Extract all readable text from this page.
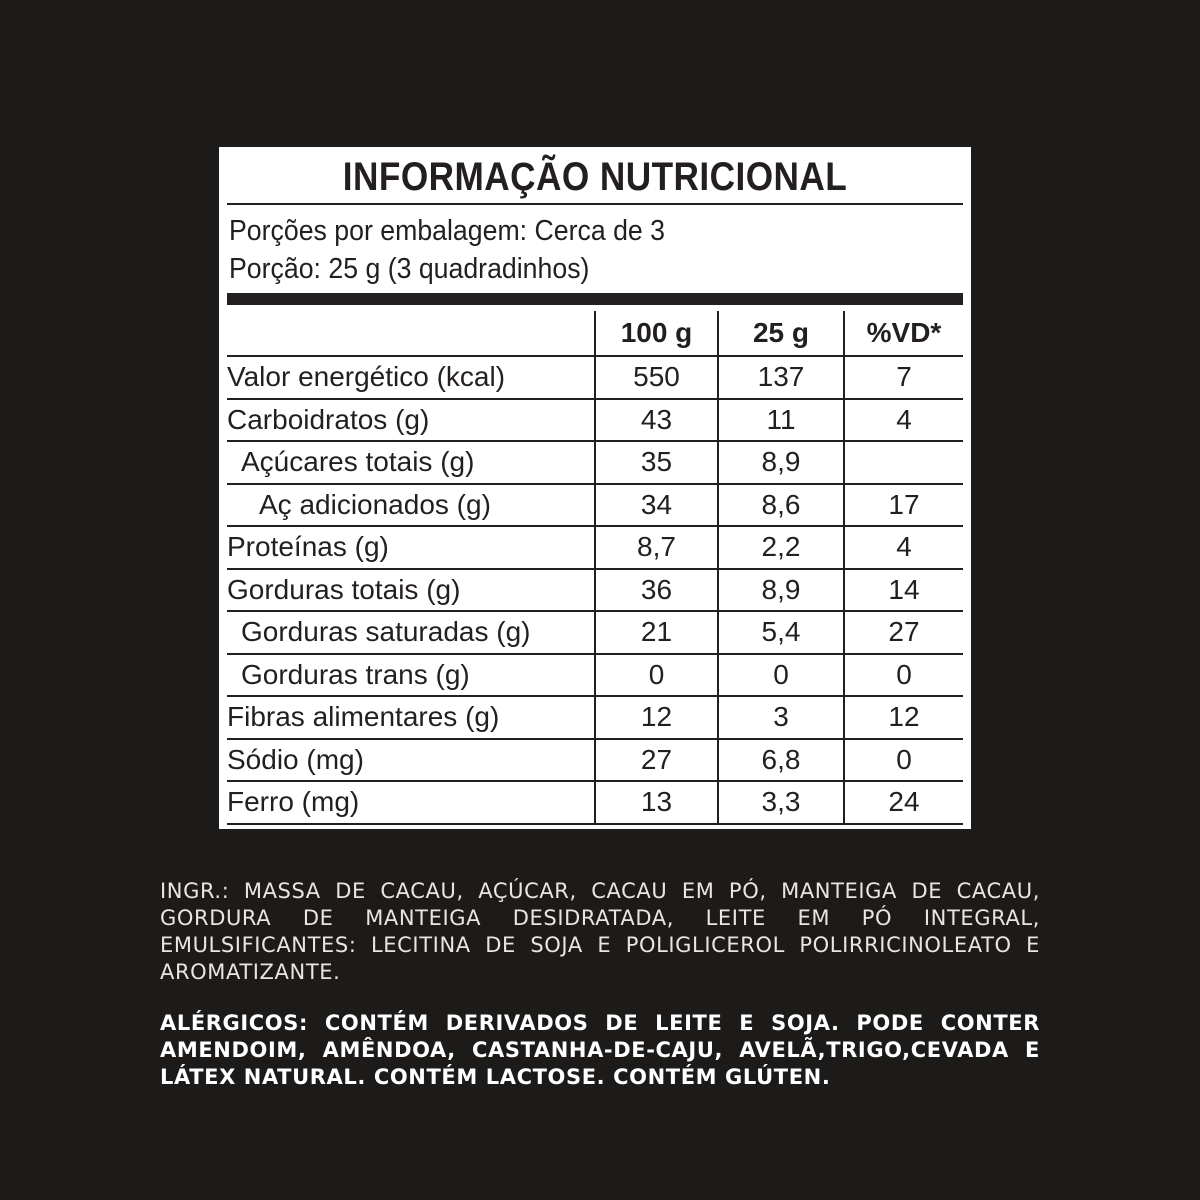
INFORMAÇÃO NUTRICIONAL
Porções por embalagem: Cerca de 3
Porção: 25 g (3 quadradinhos)
	100 g	25 g	%VD*
Valor energético (kcal)	550	137	7
Carboidratos (g)	43	11	4
Açúcares totais (g)	35	8,9	
Aç adicionados (g)	34	8,6	17
Proteínas (g)	8,7	2,2	4
Gorduras totais (g)	36	8,9	14
Gorduras saturadas (g)	21	5,4	27
Gorduras trans (g)	0	0	0
Fibras alimentares (g)	12	3	12
Sódio (mg)	27	6,8	0
Ferro (mg)	13	3,3	24
INGR.: MASSA DE CACAU, AÇÚCAR, CACAU EM PÓ, MANTEIGA DE CACAU, GORDURA DE MANTEIGA DESIDRATADA, LEITE EM PÓ INTEGRAL, EMULSIFICANTES: LECITINA DE SOJA E POLIGLICEROL POLIRRICINOLEATO E AROMATIZANTE.
ALÉRGICOS: CONTÉM DERIVADOS DE LEITE E SOJA. PODE CONTER AMENDOIM, AMÊNDOA, CASTANHA-DE-CAJU, AVELÃ,TRIGO,CEVADA E LÁTEX NATURAL. CONTÉM LACTOSE. CONTÉM GLÚTEN.
